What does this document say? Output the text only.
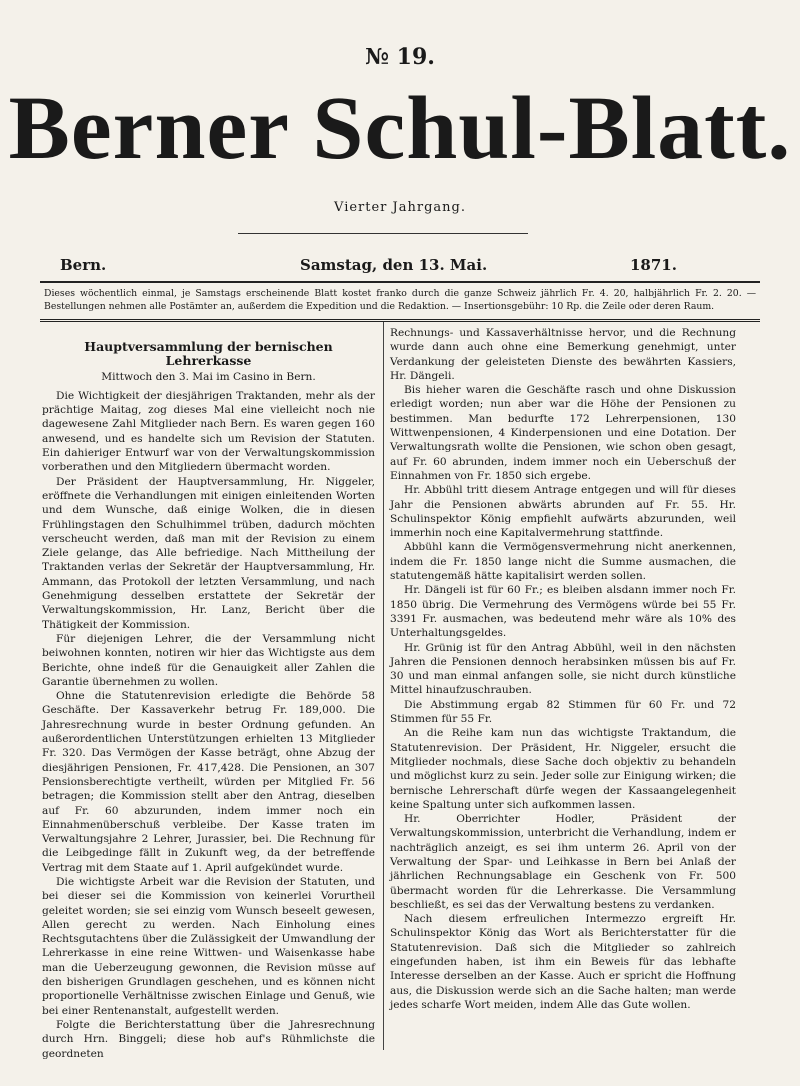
№ 19.
Berner Schul-Blatt.
Vierter Jahrgang.
Bern.	Samstag, den 13. Mai.	1871.
Dieses wöchentlich einmal, je Samstags erscheinende Blatt kostet franko durch die ganze Schweiz jährlich Fr. 4. 20, halbjährlich Fr. 2. 20. — Bestellungen nehmen alle Postämter an, außerdem die Expedition und die Redaktion. — Insertionsgebühr: 10 Rp. die Zeile oder deren Raum.
Hauptversammlung der bernischen Lehrerkasse
Mittwoch den 3. Mai im Casino in Bern.

Die Wichtigkeit der diesjährigen Traktanden, mehr als der prächtige Maitag, zog dieses Mal eine vielleicht noch nie dagewesene Zahl Mitglieder nach Bern. Es waren gegen 160 anwesend, und es handelte sich um Revision der Statuten. Ein dahieriger Entwurf war von der Verwaltungskommission vorberathen und den Mitgliedern übermacht worden.

Der Präsident der Hauptversammlung, Hr. Niggeler, eröffnete die Verhandlungen mit einigen einleitenden Worten und dem Wunsche, daß einige Wolken, die in diesen Frühlingstagen den Schulhimmel trüben, dadurch möchten verscheucht werden, daß man mit der Revision zu einem Ziele gelange, das Alle befriedige. Nach Mittheilung der Traktanden verlas der Sekretär der Hauptversammlung, Hr. Ammann, das Protokoll der letzten Versammlung, und nach Genehmigung desselben erstattete der Sekretär der Verwaltungskommission, Hr. Lanz, Bericht über die Thätigkeit der Kommission.

Für diejenigen Lehrer, die der Versammlung nicht beiwohnen konnten, notiren wir hier das Wichtigste aus dem Berichte, ohne indeß für die Genauigkeit aller Zahlen die Garantie übernehmen zu wollen.

Ohne die Statutenrevision erledigte die Behörde 58 Geschäfte. Der Kassaverkehr betrug Fr. 189,000. Die Jahresrechnung wurde in bester Ordnung gefunden. An außerordentlichen Unterstützungen erhielten 13 Mitglieder Fr. 320. Das Vermögen der Kasse beträgt, ohne Abzug der diesjährigen Pensionen, Fr. 417,428. Die Pensionen, an 307 Pensionsberechtigte vertheilt, würden per Mitglied Fr. 56 betragen; die Kommission stellt aber den Antrag, dieselben auf Fr. 60 abzurunden, indem immer noch ein Einnahmenüberschuß verbleibe. Der Kasse traten im Verwaltungsjahre 2 Lehrer, Jurassier, bei. Die Rechnung für die Leibgedinge fällt in Zukunft weg, da der betreffende Vertrag mit dem Staate auf 1. April aufgekündet wurde.

Die wichtigste Arbeit war die Revision der Statuten, und bei dieser sei die Kommission von keinerlei Vorurtheil geleitet worden; sie sei einzig vom Wunsch beseelt gewesen, Allen gerecht zu werden. Nach Einholung eines Rechtsgutachtens über die Zulässigkeit der Umwandlung der Lehrerkasse in eine reine Wittwen- und Waisenkasse habe man die Ueberzeugung gewonnen, die Revision müsse auf den bisherigen Grundlagen geschehen, und es können nicht proportionelle Verhältnisse zwischen Einlage und Genuß, wie bei einer Rentenanstalt, aufgestellt werden.

Folgte die Berichterstattung über die Jahresrechnung durch Hrn. Binggeli; diese hob auf's Rühmlichste die geordneten

Rechnungs- und Kassaverhältnisse hervor, und die Rechnung wurde dann auch ohne eine Bemerkung genehmigt, unter Verdankung der geleisteten Dienste des bewährten Kassiers, Hr. Dängeli.

Bis hieher waren die Geschäfte rasch und ohne Diskussion erledigt worden; nun aber war die Höhe der Pensionen zu bestimmen. Man bedurfte 172 Lehrerpensionen, 130 Wittwenpensionen, 4 Kinderpensionen und eine Dotation. Der Verwaltungsrath wollte die Pensionen, wie schon oben gesagt, auf Fr. 60 abrunden, indem immer noch ein Ueberschuß der Einnahmen von Fr. 1850 sich ergebe.

Hr. Abbühl tritt diesem Antrage entgegen und will für dieses Jahr die Pensionen abwärts abrunden auf Fr. 55. Hr. Schulinspektor König empfiehlt aufwärts abzurunden, weil immerhin noch eine Kapitalvermehrung stattfinde.

Abbühl kann die Vermögensvermehrung nicht anerkennen, indem die Fr. 1850 lange nicht die Summe ausmachen, die statutengemäß hätte kapitalisirt werden sollen.

Hr. Dängeli ist für 60 Fr.; es bleiben alsdann immer noch Fr. 1850 übrig. Die Vermehrung des Vermögens würde bei 55 Fr. 3391 Fr. ausmachen, was bedeutend mehr wäre als 10% des Unterhaltungsgeldes.

Hr. Grünig ist für den Antrag Abbühl, weil in den nächsten Jahren die Pensionen dennoch herabsinken müssen bis auf Fr. 30 und man einmal anfangen solle, sie nicht durch künstliche Mittel hinaufzuschrauben.

Die Abstimmung ergab 82 Stimmen für 60 Fr. und 72 Stimmen für 55 Fr.

An die Reihe kam nun das wichtigste Traktandum, die Statutenrevision. Der Präsident, Hr. Niggeler, ersucht die Mitglieder nochmals, diese Sache doch objektiv zu behandeln und möglichst kurz zu sein. Jeder solle zur Einigung wirken; die bernische Lehrerschaft dürfe wegen der Kassaangelegenheit keine Spaltung unter sich aufkommen lassen.

Hr. Oberrichter Hodler, Präsident der Verwaltungskommission, unterbricht die Verhandlung, indem er nachträglich anzeigt, es sei ihm unterm 26. April von der Verwaltung der Spar- und Leihkasse in Bern bei Anlaß der jährlichen Rechnungsablage ein Geschenk von Fr. 500 übermacht worden für die Lehrerkasse. Die Versammlung beschließt, es sei das der Verwaltung bestens zu verdanken.

Nach diesem erfreulichen Intermezzo ergreift Hr. Schulinspektor König das Wort als Berichterstatter für die Statutenrevision. Daß sich die Mitglieder so zahlreich eingefunden haben, ist ihm ein Beweis für das lebhafte Interesse derselben an der Kasse. Auch er spricht die Hoffnung aus, die Diskussion werde sich an die Sache halten; man werde jedes scharfe Wort meiden, indem Alle das Gute wollen.
